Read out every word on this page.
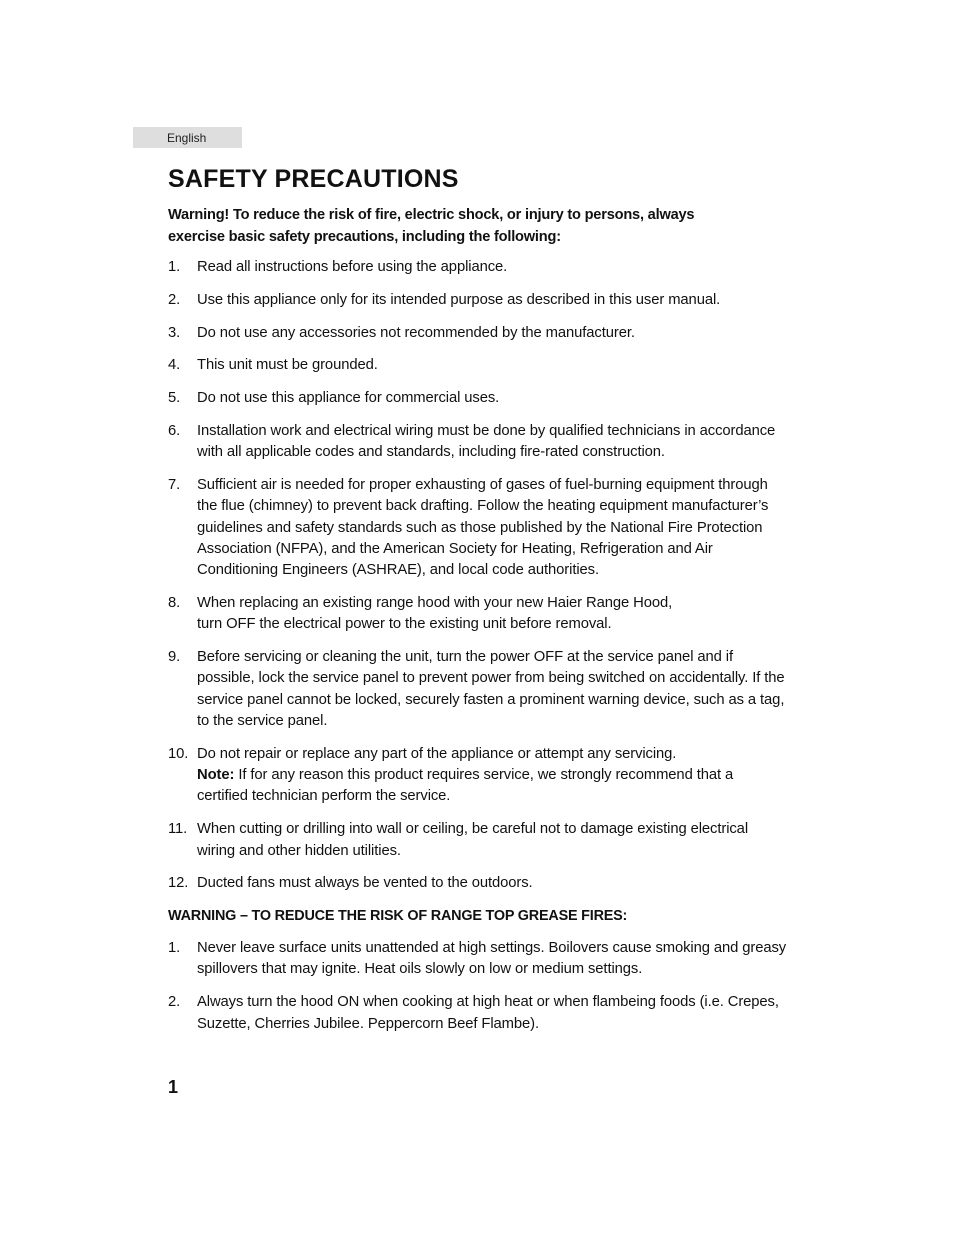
English
SAFETY PRECAUTIONS

Warning! To reduce the risk of fire, electric shock, or injury to persons, always
exercise basic safety precautions, including the following:

1. Read all instructions before using the appliance.
2. Use this appliance only for its intended purpose as described in this user manual.
3. Do not use any accessories not recommended by the manufacturer.
4. This unit must be grounded.
5. Do not use this appliance for commercial uses.
6. Installation work and electrical wiring must be done by qualified technicians in accordance with all applicable codes and standards, including fire-rated construction.
7. Sufficient air is needed for proper exhausting of gases of fuel-burning equipment through the flue (chimney) to prevent back drafting. Follow the heating equipment manufacturer’s guidelines and safety standards such as those published by the National Fire Protection Association (NFPA), and the American Society for Heating, Refrigeration and Air Conditioning Engineers (ASHRAE), and local code authorities.
8. When replacing an existing range hood with your new Haier Range Hood,
turn OFF the electrical power to the existing unit before removal.
9. Before servicing or cleaning the unit, turn the power OFF at the service panel and if possible, lock the service panel to prevent power from being switched on accidentally. If the service panel cannot be locked, securely fasten a prominent warning device, such as a tag, to the service panel.
10. Do not repair or replace any part of the appliance or attempt any servicing.
Note: If for any reason this product requires service, we strongly recommend that a certified technician perform the service.
11. When cutting or drilling into wall or ceiling, be careful not to damage existing electrical wiring and other hidden utilities.
12. Ducted fans must always be vented to the outdoors.

WARNING – TO REDUCE THE RISK OF RANGE TOP GREASE FIRES:

1. Never leave surface units unattended at high settings. Boilovers cause smoking and greasy spillovers that may ignite. Heat oils slowly on low or medium settings.
2. Always turn the hood ON when cooking at high heat or when flambeing foods (i.e. Crepes, Suzette, Cherries Jubilee. Peppercorn Beef Flambe).
1
